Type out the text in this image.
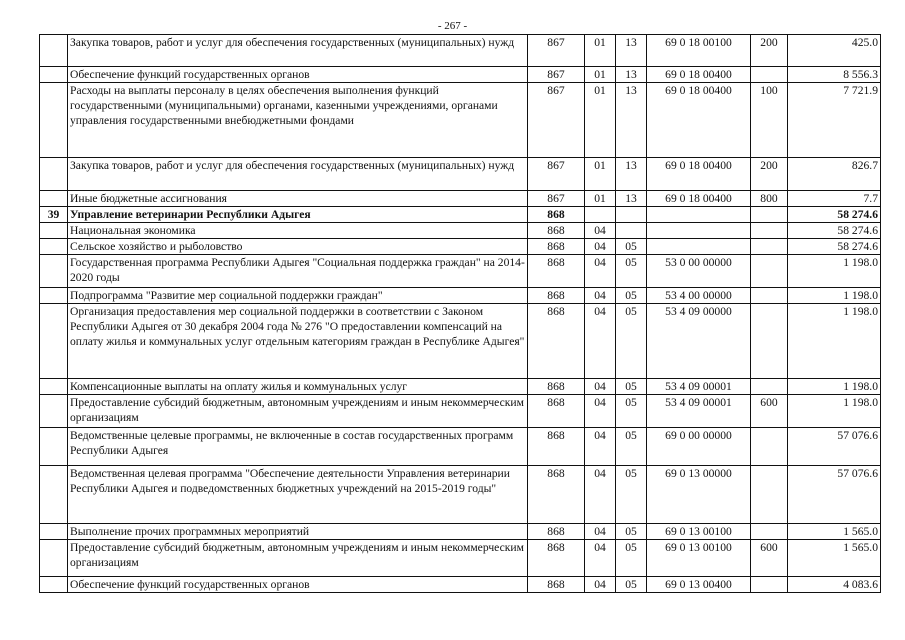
- 267 -
	Закупка товаров, работ и услуг для обеспечения государственных (муниципальных) нужд	867	01	13	69 0 18 00100	200	425.0
	Обеспечение функций государственных органов	867	01	13	69 0 18 00400		8 556.3
	Расходы на выплаты персоналу в целях обеспечения выполнения функций государственными (муниципальными) органами, казенными учреждениями, органами управления государственными внебюджетными фондами	867	01	13	69 0 18 00400	100	7 721.9
	Закупка товаров, работ и услуг для обеспечения государственных (муниципальных) нужд	867	01	13	69 0 18 00400	200	826.7
	Иные бюджетные ассигнования	867	01	13	69 0 18 00400	800	7.7
39	Управление ветеринарии Республики Адыгея	868					58 274.6
	Национальная экономика	868	04				58 274.6
	Сельское хозяйство и рыболовство	868	04	05			58 274.6
	Государственная программа Республики Адыгея "Социальная поддержка граждан" на 2014-2020 годы	868	04	05	53 0 00 00000		1 198.0
	Подпрограмма "Развитие мер социальной поддержки граждан"	868	04	05	53 4 00 00000		1 198.0
	Организация предоставления мер социальной поддержки в соответствии с Законом Республики Адыгея от 30 декабря 2004 года № 276 "О предоставлении компенсаций на оплату жилья и коммунальных услуг отдельным категориям граждан в Республике Адыгея"	868	04	05	53 4 09 00000		1 198.0
	Компенсационные выплаты на оплату жилья и коммунальных услуг	868	04	05	53 4 09 00001		1 198.0
	Предоставление субсидий бюджетным, автономным учреждениям и иным некоммерческим организациям	868	04	05	53 4 09 00001	600	1 198.0
	Ведомственные целевые программы, не включенные в состав государственных программ Республики Адыгея	868	04	05	69 0 00 00000		57 076.6
	Ведомственная целевая программа "Обеспечение деятельности Управления ветеринарии Республики Адыгея и подведомственных бюджетных учреждений на 2015-2019 годы"	868	04	05	69 0 13 00000		57 076.6
	Выполнение прочих программных мероприятий	868	04	05	69 0 13 00100		1 565.0
	Предоставление субсидий бюджетным, автономным учреждениям и иным некоммерческим организациям	868	04	05	69 0 13 00100	600	1 565.0
	Обеспечение функций государственных органов	868	04	05	69 0 13 00400		4 083.6
